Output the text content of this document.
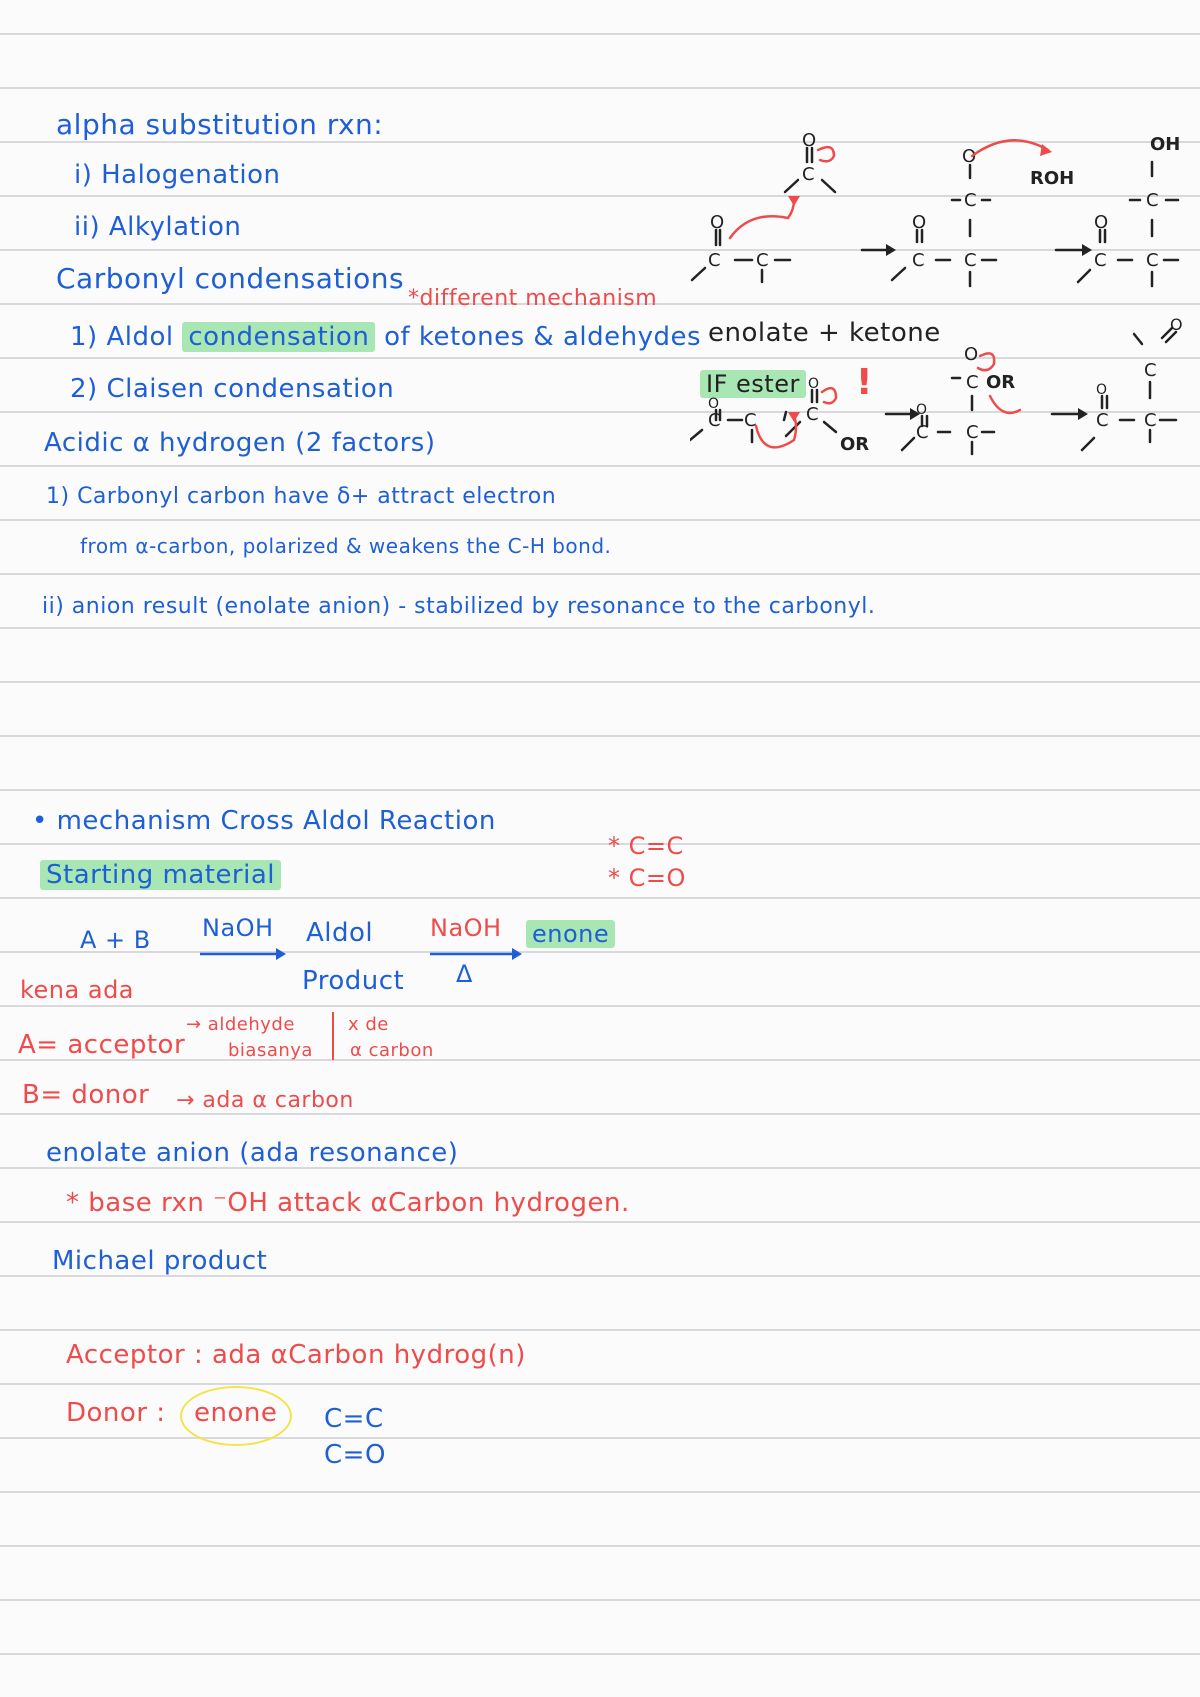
alpha substitution rxn:
i) Halogenation
ii) Alkylation
Carbonyl condensations
*different mechanism
1) Aldol condensation of ketones & aldehydes
2) Claisen condensation
enolate + ketone
IF ester !
Acidic α hydrogen (2 factors)
1) Carbonyl carbon have δ+ attract electron
from α-carbon, polarized & weakens the C-H bond.
ii) anion result (enolate anion) - stabilized by resonance to the carbonyl.
O
C C
O
C
O
C C
C
O
ROH
O
C C
C
OH
O
C C
O
C
OR
O
C C
C
O
OR	O
C C
C
O
• mechanism Cross Aldol Reaction
Starting material
* C=C
* C=O
A + B NaOH Aldol
Product
NaOH
Δ
enone
kena ada
A= acceptor
→ aldehyde
biasanya
x de
α carbon
B= donor → ada α carbon
enolate anion (ada resonance)
* base rxn ⁻OH attack αCarbon hydrogen.
Michael product
Acceptor : ada αCarbon hydrog(n)
Donor : enone C=C
C=O
